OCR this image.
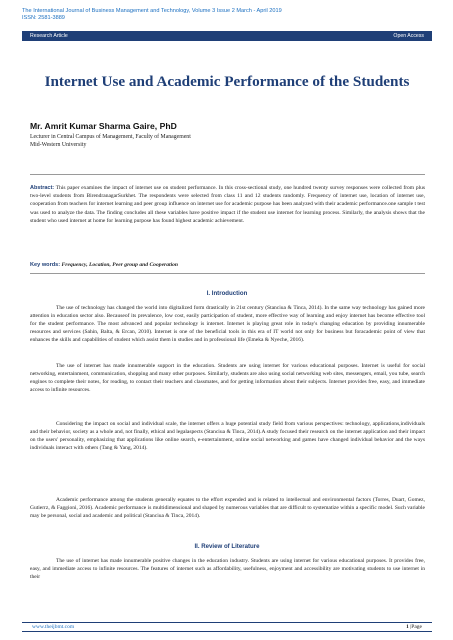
The International Journal of Business Management and Technology, Volume 3 Issue 2 March - April 2019
ISSN: 2581-3889
Research Article	Open Access
Internet Use and Academic Performance of the Students
Mr. Amrit Kumar Sharma Gaire, PhD
Lecturer in Central Campus of Management, Faculty of Management
Mid-Western University
Abstract: This paper examines the impact of internet use on student performance. In this cross-sectional study, one hundred twenty survey responses were collected from plus two-level students from BirendranagarSurkhet. The respondents were selected from class 11 and 12 students randomly. Frequency of internet use, location of internet use, cooperation from teachers for internet learning and peer group influence on internet use for academic purpose has been analyzed with their academic performance.one sample t test was used to analyze the data. The finding concludes all these variables have positive impact if the student use internet for learning process. Similarly, the analysis shows that the student who used internet at home for learning purpose has found highest academic achievement.
Key words: Frequency, Location, Peer group and Cooperation
I. Introduction

The use of technology has changed the world into digitalized form drastically in 21st century (Stanciua & Tinca, 2014). In the same way technology has gained more attention in education sector also. Becauseof its prevalence, low cost, easily participation of student, more effective way of learning and enjoy internet has become effective tool for the student performance. The most advanced and popular technology is internet. Internet is playing great role in today's changing education by providing innumerable resources and services (Sahin, Balta, & Ercan, 2010). Internet is one of the beneficial tools in this era of IT world not only for business but foracademic point of view that enhances the skills and capabilities of student which assist them in studies and in professional life (Emeka & Nyeche, 2016).

The use of internet has made innumerable support in the education. Students are using internet for various educational purposes. Internet is useful for social networking, entertainment, communication, shopping and many other purposes. Similarly, students are also using social networking web sites, messengers, email, you tube, search engines to complete their notes, for reading, to contact their teachers and classmates, and for getting information about their subjects. Internet provides free, easy, and immediate access to infinite resources.

Considering the impact on social and individual scale, the internet offers a huge potential study field from various perspectives: technology, applications,individuals and their behavior, society as a whole and, not finally, ethical and legalaspects (Stanciua & Tinca, 2014).A study focused their research on the internet application and their impact on the users' personality, emphasizing that applications like online search, e-entertainment, online social networking and games have changed individual behavior and the ways individuals interact with others (Tang & Yang, 2014).

Academic performance among the students generally equates to the effort expended and is related to intellectual and environmental factors (Torres, Duart, Gomez, Gutierrz, & Faggioni, 2016). Academic performance is multidimensional and shaped by numerous variables that are difficult to systematize within a specific model. Such variable may be personal, social and academic and political (Stanciua & Tinca, 2014).

II. Review of Literature

The use of internet has made innumerable positive changes in the education industry. Students are using internet for various educational purposes. It provides free, easy, and immediate access to infinite resources. The features of internet such as affordability, usefulness, enjoyment and accessibility are motivating students to use internet in their

www.theijbmt.com	1 |Page
